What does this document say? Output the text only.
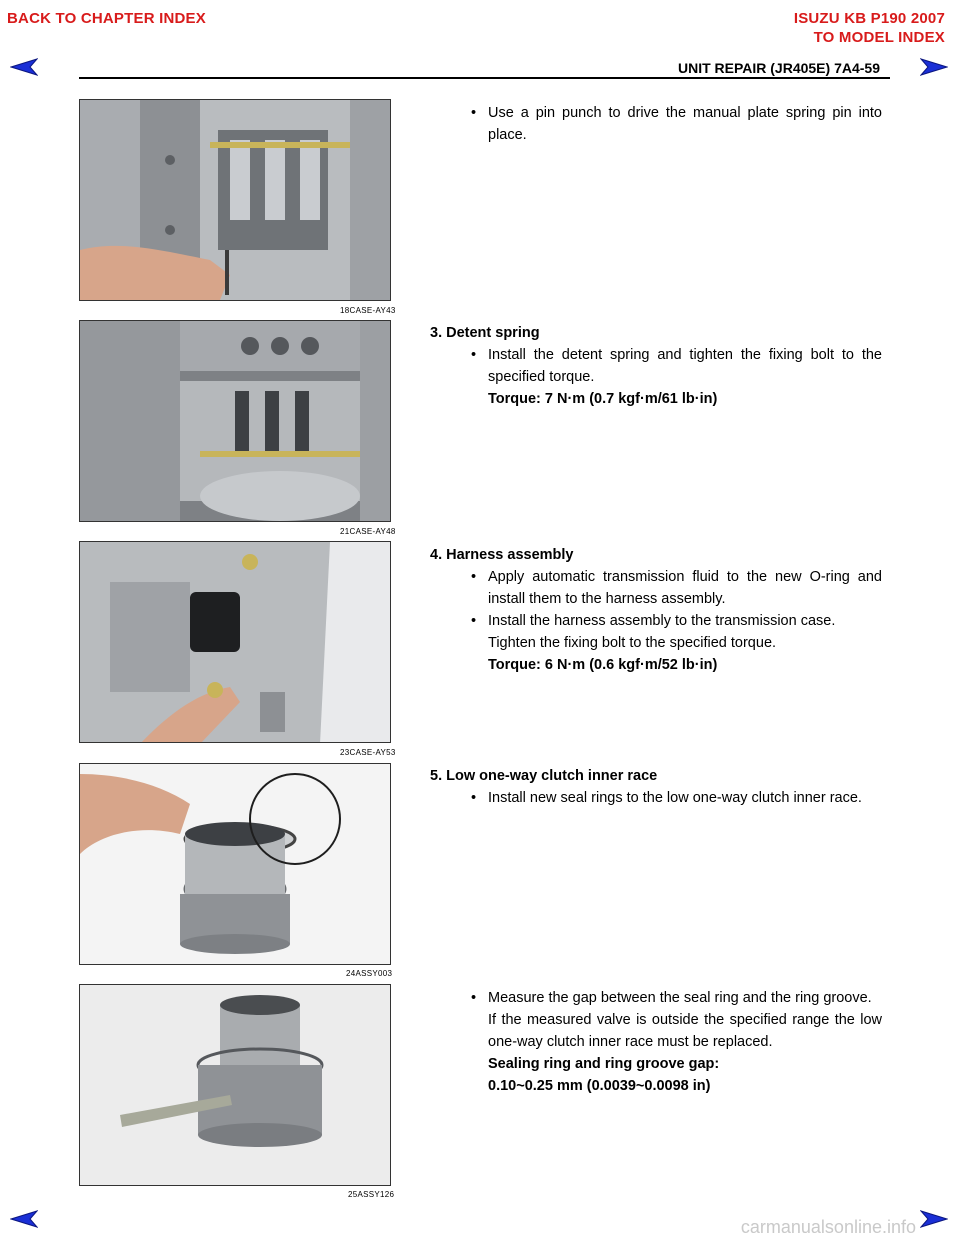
BACK TO CHAPTER INDEX	ISUZU KB P190 2007
TO MODEL INDEX
UNIT REPAIR (JR405E) 7A4-59
18CASE-AY43
21CASE-AY48
23CASE-AY53
24ASSY003
25ASSY126
• Use a pin punch to drive the manual plate spring pin into place.
3. Detent spring
• Install the detent spring and tighten the fixing bolt to the specified torque.
Torque: 7 N·m (0.7 kgf·m/61 lb·in)
4. Harness assembly
• Apply automatic transmission fluid to the new O-ring and install them to the harness assembly.
• Install the harness assembly to the transmission case.
Tighten the fixing bolt to the specified torque.
Torque: 6 N·m (0.6 kgf·m/52 lb·in)
5. Low one-way clutch inner race
• Install new seal rings to the low one-way clutch inner race.
• Measure the gap between the seal ring and the ring groove.
If the measured valve is outside the specified range the low one-way clutch inner race must be replaced.
Sealing ring and ring groove gap:
0.10~0.25 mm (0.0039~0.0098 in)
carmanualsonline.info
